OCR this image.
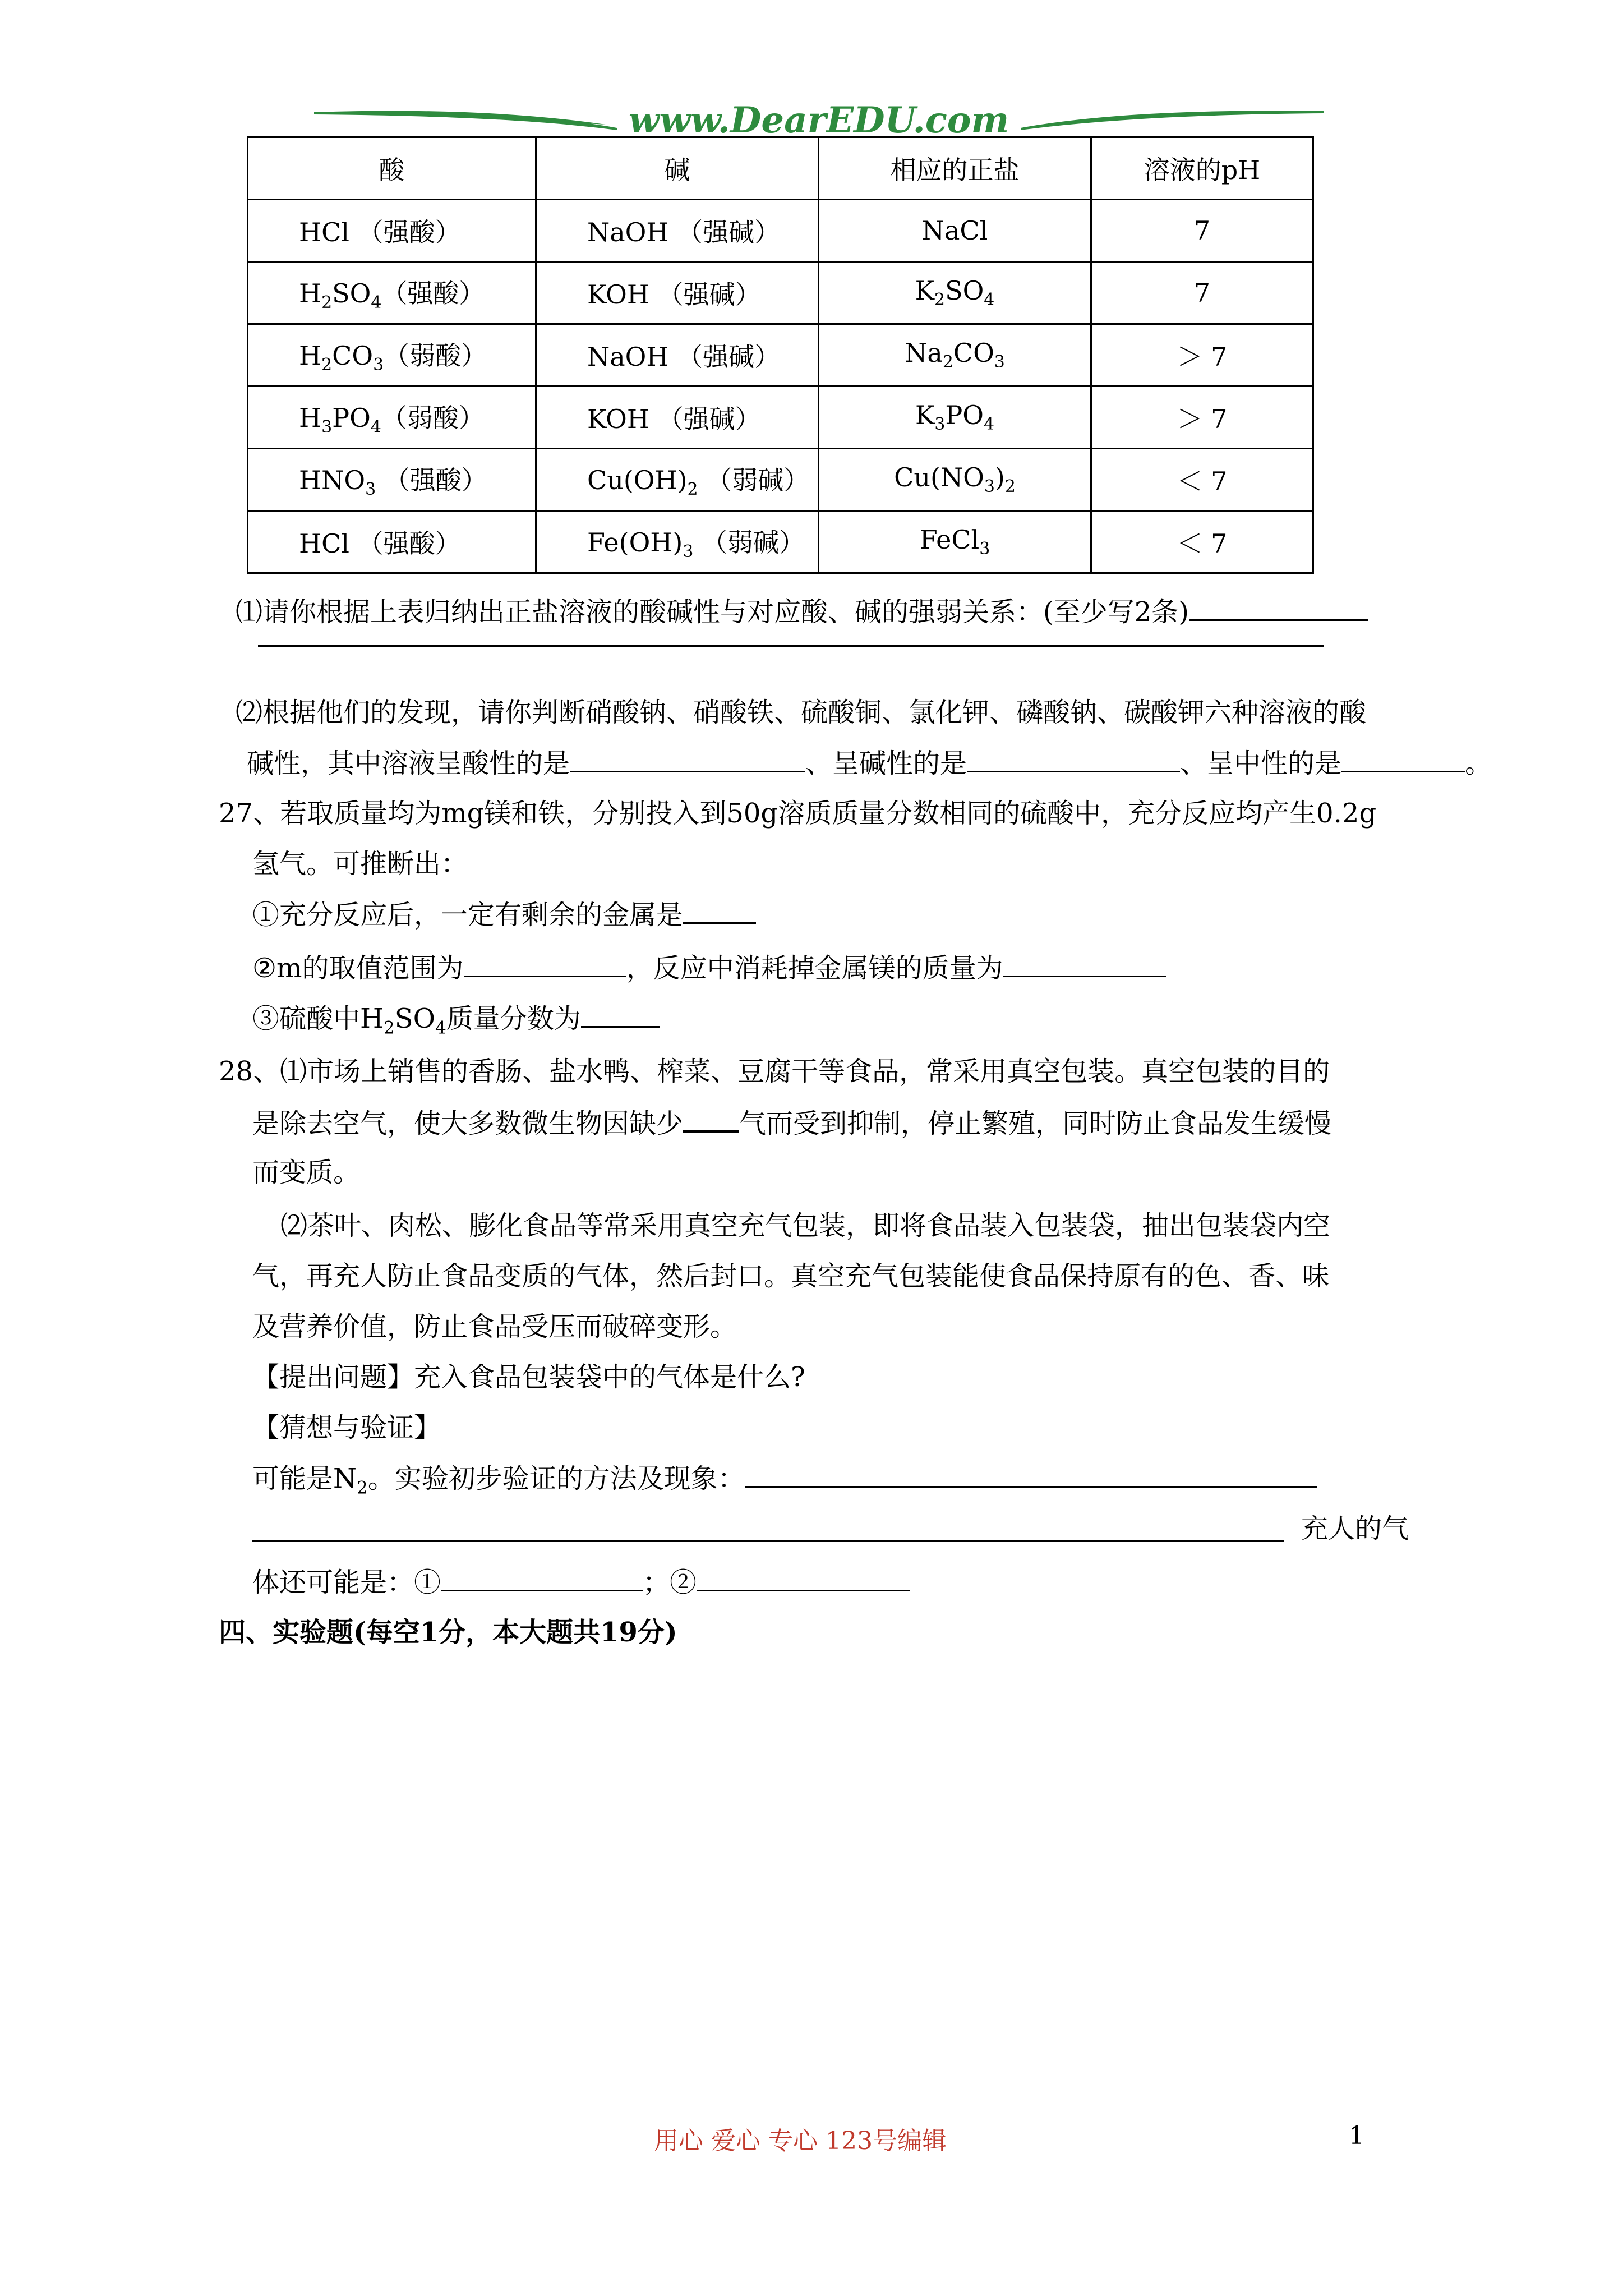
www.DearEDU.com
酸	碱	相应的正盐	溶液的pH
HCl （强酸）	NaOH （强碱）	NaCl	7
$H_2SO_4$（强酸）	KOH （强碱）	$K_2SO_4$	7
$H_2CO_3$（弱酸）	NaOH （强碱）	$Na_2CO_3$	＞ 7
$H_3PO_4$（弱酸）	KOH （强碱）	$K_3PO_4$	＞ 7
$HNO_3$ （强酸）	$Cu(OH)_2$ （弱碱）	$Cu(NO_3)_2$	＜ 7
HCl （强酸）	$Fe(OH)_3$ （弱碱）	FeCl$_3$	＜ 7
⑴请你根据上表归纳出正盐溶液的酸碱性与对应酸、碱的强弱关系：(至少写2条)
⑵根据他们的发现，请你判断硝酸钠、硝酸铁、硫酸铜、氯化钾、磷酸钠、碳酸钾六种溶液的酸
碱性，其中溶液呈酸性的是	、呈碱性的是	、呈中性的是	。
27、若取质量均为mg镁和铁，分别投入到50g溶质质量分数相同的硫酸中，充分反应均产生0.2g
氢气。可推断出：
①充分反应后，一定有剩余的金属是
②m的取值范围为	，反应中消耗掉金属镁的质量为
③硫酸中$H_2SO_4$质量分数为
28、⑴市场上销售的香肠、盐水鸭、榨菜、豆腐干等食品，常采用真空包装。真空包装的目的
是除去空气，使大多数微生物因缺少 气而受到抑制，停止繁殖，同时防止食品发生缓慢
而变质。
⑵茶叶、肉松、膨化食品等常采用真空充气包装，即将食品装入包装袋，抽出包装袋内空
气，再充人防止食品变质的气体，然后封口。真空充气包装能使食品保持原有的色、香、味
及营养价值，防止食品受压而破碎变形。
【提出问题】充入食品包装袋中的气体是什么?
【猜想与验证】
可能是$N_2$。实验初步验证的方法及现象：
充人的气
体还可能是：①	；②
四、实验题(每空1分，本大题共19分)
用心 爱心 专心 123号编辑	1
